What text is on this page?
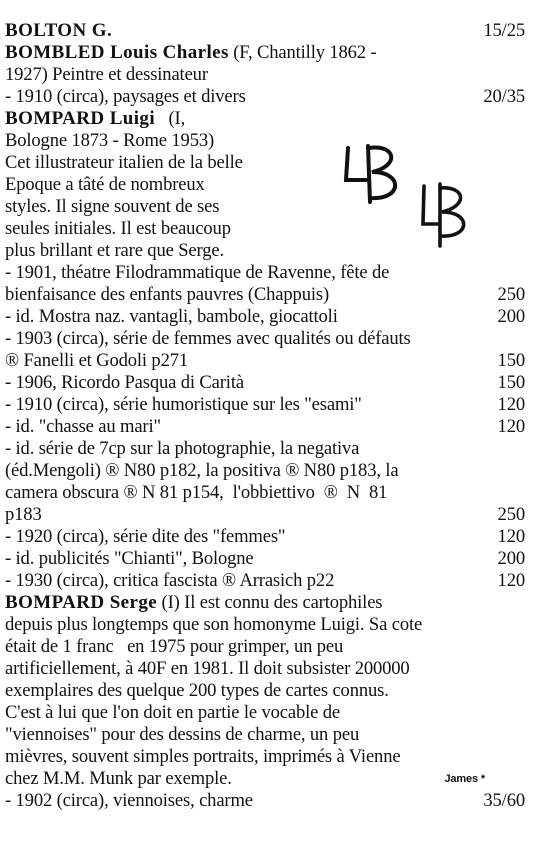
BOLTON G.	15/25
BOMBLED Louis Charles (F, Chantilly 1862 -
1927) Peintre et dessinateur
- 1910 (circa), paysages et divers	20/35
BOMPARD Luigi   (I,
Bologne 1873 - Rome 1953)
Cet illustrateur italien de la belle
Epoque a tâté de nombreux
styles. Il signe souvent de ses
seules initiales. Il est beaucoup
plus brillant et rare que Serge.
- 1901, théatre Filodrammatique de Ravenne, fête de
bienfaisance des enfants pauvres (Chappuis)	250
- id. Mostra naz. vantagli, bambole, giocattoli	200
- 1903 (circa), série de femmes avec qualités ou défauts
® Fanelli et Godoli p271	150
- 1906, Ricordo Pasqua di Carità	150
- 1910 (circa), série humoristique sur les "esami"	120
- id. "chasse au mari"	120
- id. série de 7cp sur la photographie, la negativa
(éd.Mengoli) ® N80 p182, la positiva ® N80 p183, la
camera obscura ® N 81 p154,  l'obbiettivo  ®  N  81
p183	250
- 1920 (circa), série dite des "femmes"	120
- id. publicités "Chianti", Bologne	200
- 1930 (circa), critica fascista ® Arrasich p22	120
BOMPARD Serge (I) Il est connu des cartophiles
depuis plus longtemps que son homonyme Luigi. Sa cote
était de 1 franc   en 1975 pour grimper, un peu
artificiellement, à 40F en 1981. Il doit subsister 200000
exemplaires des quelque 200 types de cartes connus.
C'est à lui que l'on doit en partie le vocable de
"viennoises" pour des dessins de charme, un peu
mièvres, souvent simples portraits, imprimés à Vienne
chez M.M. Munk par exemple.	James *
- 1902 (circa), viennoises, charme	35/60
